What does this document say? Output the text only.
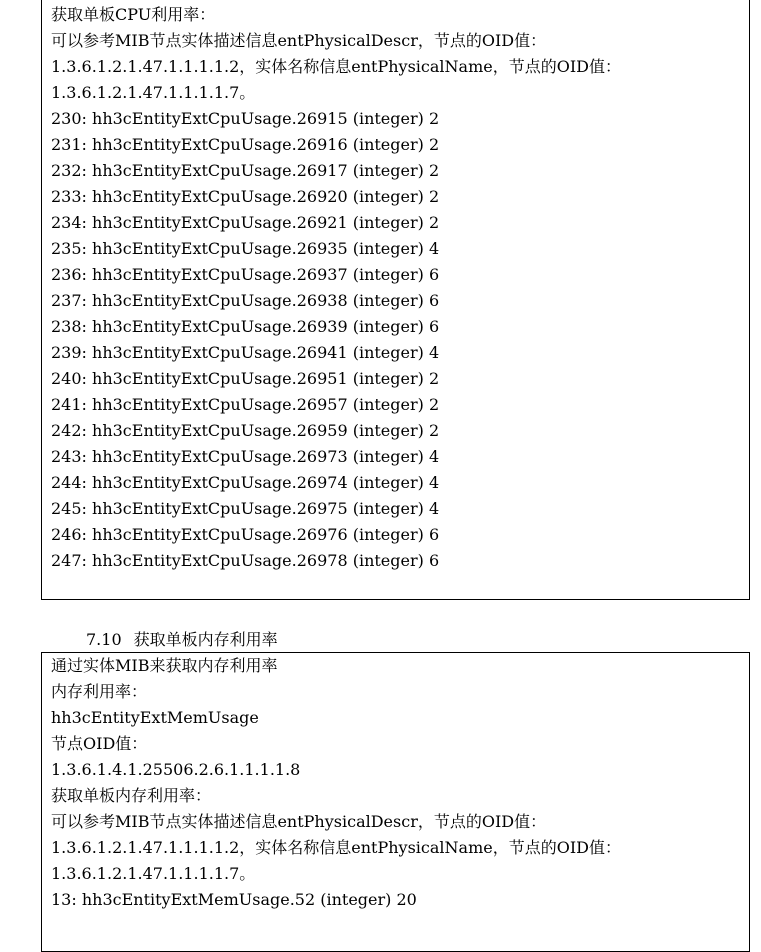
获取单板CPU利用率：
可以参考MIB节点实体描述信息entPhysicalDescr，节点的OID值：
1.3.6.1.2.1.47.1.1.1.1.2，实体名称信息entPhysicalName，节点的OID值：
1.3.6.1.2.1.47.1.1.1.1.7。
230: hh3cEntityExtCpuUsage.26915 (integer) 2
231: hh3cEntityExtCpuUsage.26916 (integer) 2
232: hh3cEntityExtCpuUsage.26917 (integer) 2
233: hh3cEntityExtCpuUsage.26920 (integer) 2
234: hh3cEntityExtCpuUsage.26921 (integer) 2
235: hh3cEntityExtCpuUsage.26935 (integer) 4
236: hh3cEntityExtCpuUsage.26937 (integer) 6
237: hh3cEntityExtCpuUsage.26938 (integer) 6
238: hh3cEntityExtCpuUsage.26939 (integer) 6
239: hh3cEntityExtCpuUsage.26941 (integer) 4
240: hh3cEntityExtCpuUsage.26951 (integer) 2
241: hh3cEntityExtCpuUsage.26957 (integer) 2
242: hh3cEntityExtCpuUsage.26959 (integer) 2
243: hh3cEntityExtCpuUsage.26973 (integer) 4
244: hh3cEntityExtCpuUsage.26974 (integer) 4
245: hh3cEntityExtCpuUsage.26975 (integer) 4
246: hh3cEntityExtCpuUsage.26976 (integer) 6
247: hh3cEntityExtCpuUsage.26978 (integer) 6
7.10 获取单板内存利用率
通过实体MIB来获取内存利用率
内存利用率：
hh3cEntityExtMemUsage
节点OID值：
1.3.6.1.4.1.25506.2.6.1.1.1.1.8
获取单板内存利用率：
可以参考MIB节点实体描述信息entPhysicalDescr，节点的OID值：
1.3.6.1.2.1.47.1.1.1.1.2，实体名称信息entPhysicalName，节点的OID值：
1.3.6.1.2.1.47.1.1.1.1.7。
13: hh3cEntityExtMemUsage.52 (integer) 20
